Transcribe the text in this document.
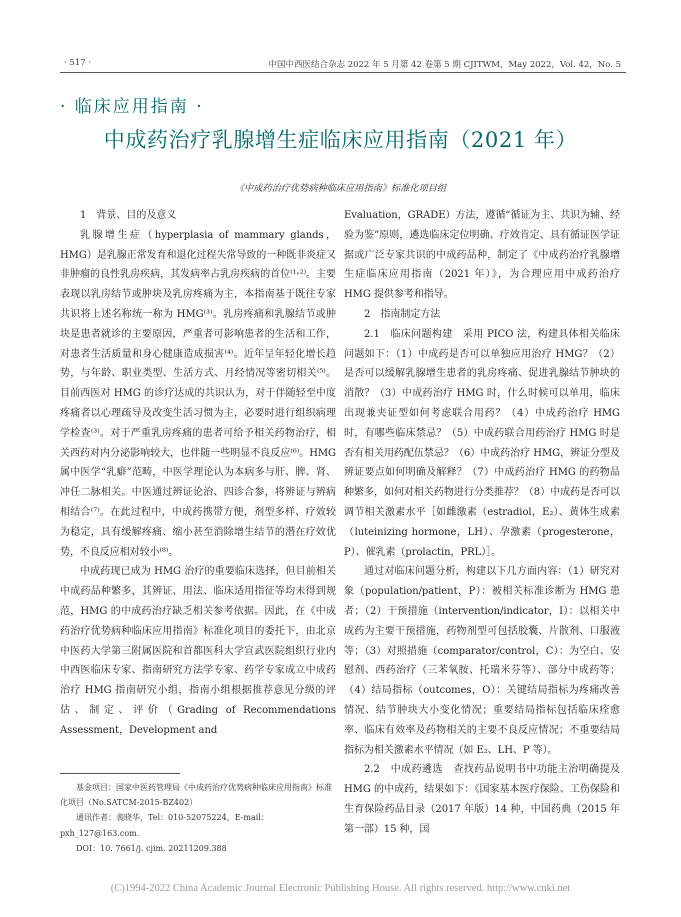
· 517 ·	中国中西医结合杂志 2022 年 5 月第 42 卷第 5 期 CJITWM，May 2022，Vol. 42，No. 5
· 临床应用指南 ·
中成药治疗乳腺增生症临床应用指南（2021 年）
《中成药治疗优势病种临床应用指南》标准化项目组

1　背景、目的及意义

乳腺增生症（hyperplasia of mammary glands，HMG）是乳腺正常发育和退化过程失常导致的一种既非炎症又非肿瘤的良性乳房疾病，其发病率占乳房疾病的首位⁽¹˒²⁾。主要表现以乳房结节或肿块及乳房疼痛为主，本指南基于既往专家共识将上述名称统一称为 HMG⁽³⁾。乳房疼痛和乳腺结节或肿块是患者就诊的主要原因，严重者可影响患者的生活和工作，对患者生活质量和身心健康造成损害⁽⁴⁾。近年呈年轻化增长趋势，与年龄、职业类型、生活方式、月经情况等密切相关⁽⁵⁾。目前西医对 HMG 的诊疗达成的共识认为，对于伴随轻至中度疼痛者以心理疏导及改变生活习惯为主，必要时进行组织病理学检查⁽³⁾。对于严重乳房疼痛的患者可给予相关药物治疗，相关西药对内分泌影响较大，也伴随一些明显不良反应⁽⁶⁾。HMG 属中医学“乳癖”范畴，中医学理论认为本病多与肝、脾、肾、冲任二脉相关。中医通过辨证论治、四诊合参，将辨证与辨病相结合⁽⁷⁾。在此过程中，中成药携带方便，剂型多样、疗效较为稳定，具有缓解疼痛、缩小甚至消除增生结节的潜在疗效优势，不良反应相对较小⁽⁸⁾。

中成药现已成为 HMG 治疗的重要临床选择，但目前相关中成药品种繁多，其辨证、用法、临床适用指征等均未得到规范，HMG 的中成药治疗缺乏相关参考依据。因此，在《中成药治疗优势病种临床应用指南》标准化项目的委托下，由北京中医药大学第三附属医院和首都医科大学宣武医院组织行业内中西医临床专家、指南研究方法学专家、药学专家成立中成药治疗 HMG 指南研究小组，指南小组根据推荐意见分级的评估、制定、评价（Grading of Recommendations Assessment，Development and

Evaluation，GRADE）方法，遵循“循证为主、共识为辅、经验为鉴”原则，遴选临床定位明确、疗效肯定、具有循证医学证据或广泛专家共识的中成药品种，制定了《中成药治疗乳腺增生症临床应用指南（2021 年）》，为合理应用中成药治疗 HMG 提供参考和指导。

2　指南制定方法

2.1　临床问题构建　采用 PICO 法，构建具体相关临床问题如下：（1）中成药是否可以单独应用治疗 HMG？（2）是否可以缓解乳腺增生患者的乳房疼痛、促进乳腺结节肿块的消散？（3）中成药治疗 HMG 时，什么时候可以单用，临床出现兼夹证型如何考虑联合用药？（4）中成药治疗 HMG 时，有哪些临床禁忌？（5）中成药联合用药治疗 HMG 时是否有相关用药配伍禁忌？（6）中成药治疗 HMG，辨证分型及辨证要点如何明确及解释？（7）中成药治疗 HMG 的药物品种繁多，如何对相关药物进行分类推荐？（8）中成药是否可以调节相关激素水平［如雌激素（estradiol，E₂）、黄体生成素（luteinizing hormone，LH）、孕激素（progesterone，P）、催乳素（prolactin，PRL）］。

通过对临床问题分析，构建以下几方面内容：（1）研究对象（population/patient，P）：被相关标准诊断为 HMG 患者；（2）干预措施（intervention/indicator，I）：以相关中成药为主要干预措施，药物剂型可包括胶囊、片散剂、口服液等；（3）对照措施（comparator/control，C）：为空白、安慰剂、西药治疗（三苯氧胺、托瑞米芬等）、部分中成药等；（4）结局指标（outcomes，O）：关键结局指标为疼痛改善情况、结节肿块大小变化情况；重要结局指标包括临床痊愈率、临床有效率及药物相关的主要不良反应情况；不重要结局指标为相关激素水平情况（如 E₂、LH、P 等）。

2.2　中成药遴选　查找药品说明书中功能主治明确提及 HMG 的中成药，结果如下：《国家基本医疗保险、工伤保险和生育保险药品目录（2017 年版）14 种，中国药典（2015 年第一部）15 种，国

基金项目：国家中医药管理局《中成药治疗优势病种临床应用指南》标准化项目（No.SATCM-2015-BZ402）

通讯作者：裴晓华，Tel：010-52075224，E-mail：pxh_127@163.com.

DOI：10. 7661/j. cjim. 20211209.388

(C)1994-2022 China Academic Journal Electronic Publishing House. All rights reserved. http://www.cnki.net
